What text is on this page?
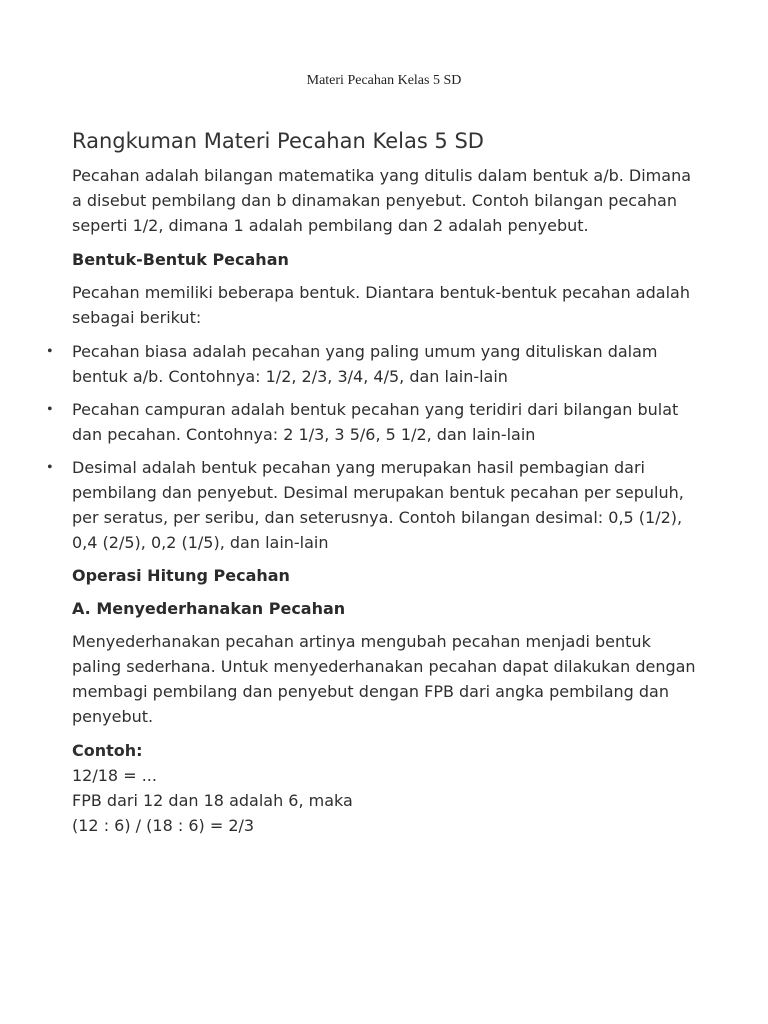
Materi Pecahan Kelas 5 SD
Rangkuman Materi Pecahan Kelas 5 SD

Pecahan adalah bilangan matematika yang ditulis dalam bentuk a/b. Dimana a disebut pembilang dan b dinamakan penyebut. Contoh bilangan pecahan seperti 1/2, dimana 1 adalah pembilang dan 2 adalah penyebut.

Bentuk-Bentuk Pecahan

Pecahan memiliki beberapa bentuk. Diantara bentuk-bentuk pecahan adalah sebagai berikut:

• Pecahan biasa adalah pecahan yang paling umum yang dituliskan dalam bentuk a/b. Contohnya: 1/2, 2/3, 3/4, 4/5, dan lain-lain
• Pecahan campuran adalah bentuk pecahan yang teridiri dari bilangan bulat dan pecahan. Contohnya: 2 1/3, 3 5/6, 5 1/2, dan lain-lain
• Desimal adalah bentuk pecahan yang merupakan hasil pembagian dari pembilang dan penyebut. Desimal merupakan bentuk pecahan per sepuluh, per seratus, per seribu, dan seterusnya. Contoh bilangan desimal: 0,5 (1/2), 0,4 (2/5), 0,2 (1/5), dan lain-lain

Operasi Hitung Pecahan

A. Menyederhanakan Pecahan

Menyederhanakan pecahan artinya mengubah pecahan menjadi bentuk paling sederhana. Untuk menyederhanakan pecahan dapat dilakukan dengan membagi pembilang dan penyebut dengan FPB dari angka pembilang dan penyebut.

Contoh:
12/18 = ...
FPB dari 12 dan 18 adalah 6, maka
(12 : 6) / (18 : 6) = 2/3
